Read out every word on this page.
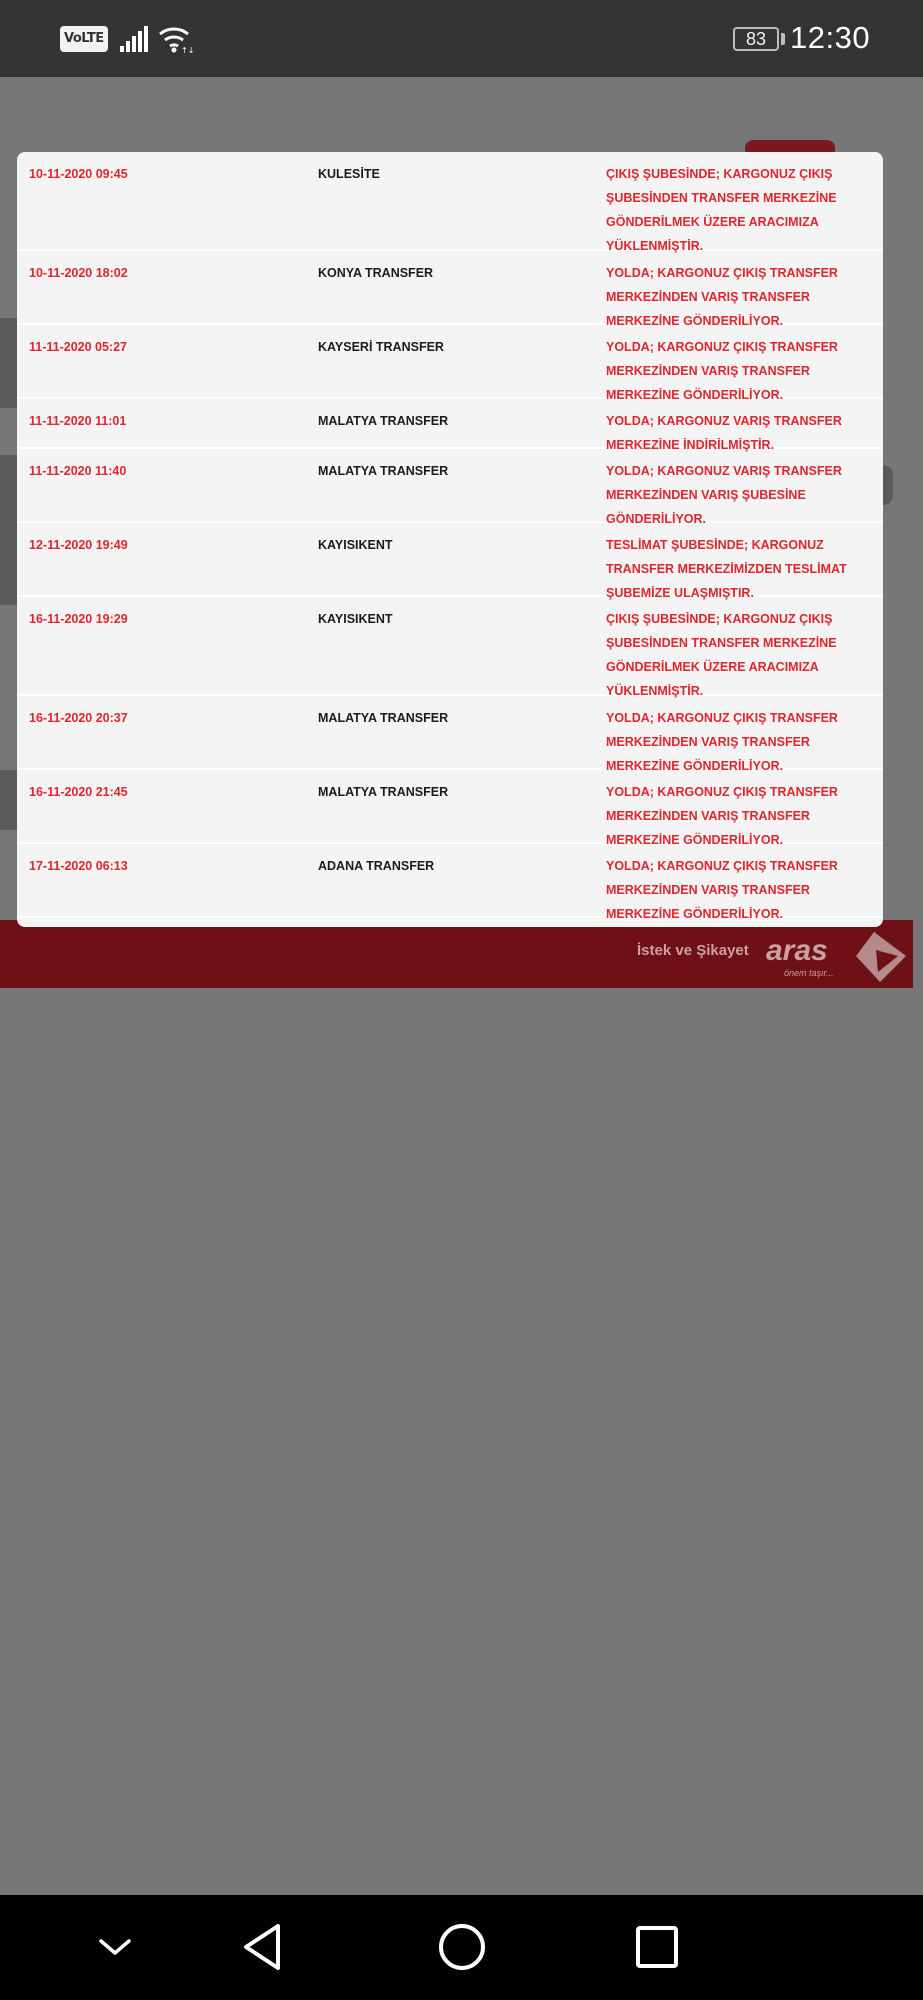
VoLTE
↑↓
83 12:30
İstek ve Şikayet aras
önem taşır...
10-11-2020 09:45	KULESİTE	ÇIKIŞ ŞUBESİNDE; KARGONUZ ÇIKIŞ ŞUBESİNDEN TRANSFER MERKEZİNE GÖNDERİLMEK ÜZERE ARACIMIZA YÜKLENMİŞTİR.
10-11-2020 18:02	KONYA TRANSFER	YOLDA; KARGONUZ ÇIKIŞ TRANSFER MERKEZİNDEN VARIŞ TRANSFER MERKEZİNE GÖNDERİLİYOR.
11-11-2020 05:27	KAYSERİ TRANSFER	YOLDA; KARGONUZ ÇIKIŞ TRANSFER MERKEZİNDEN VARIŞ TRANSFER MERKEZİNE GÖNDERİLİYOR.
11-11-2020 11:01	MALATYA TRANSFER	YOLDA; KARGONUZ VARIŞ TRANSFER MERKEZİNE İNDİRİLMİŞTİR.
11-11-2020 11:40	MALATYA TRANSFER	YOLDA; KARGONUZ VARIŞ TRANSFER MERKEZİNDEN VARIŞ ŞUBESİNE GÖNDERİLİYOR.
12-11-2020 19:49	KAYISIKENT	TESLİMAT ŞUBESİNDE; KARGONUZ TRANSFER MERKEZİMİZDEN TESLİMAT ŞUBEMİZE ULAŞMIŞTIR.
16-11-2020 19:29	KAYISIKENT	ÇIKIŞ ŞUBESİNDE; KARGONUZ ÇIKIŞ ŞUBESİNDEN TRANSFER MERKEZİNE GÖNDERİLMEK ÜZERE ARACIMIZA YÜKLENMİŞTİR.
16-11-2020 20:37	MALATYA TRANSFER	YOLDA; KARGONUZ ÇIKIŞ TRANSFER MERKEZİNDEN VARIŞ TRANSFER MERKEZİNE GÖNDERİLİYOR.
16-11-2020 21:45	MALATYA TRANSFER	YOLDA; KARGONUZ ÇIKIŞ TRANSFER MERKEZİNDEN VARIŞ TRANSFER MERKEZİNE GÖNDERİLİYOR.
17-11-2020 06:13	ADANA TRANSFER	YOLDA; KARGONUZ ÇIKIŞ TRANSFER MERKEZİNDEN VARIŞ TRANSFER MERKEZİNE GÖNDERİLİYOR.
